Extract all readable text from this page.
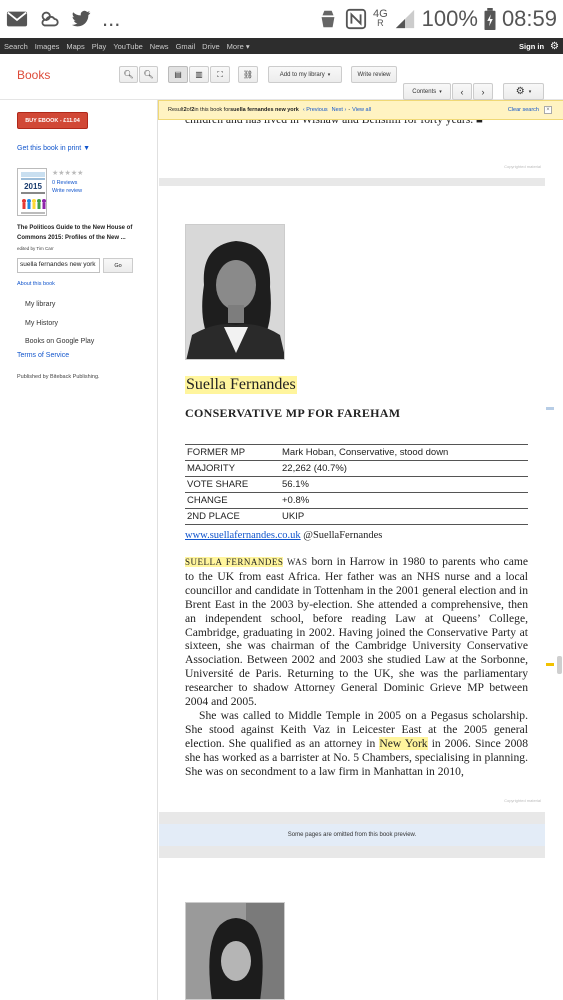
...	4G
R 100% 08:59
Search Images Maps Play YouTube News Gmail Drive More ▾	Sign in ⚙
Books	🔍︎ 🔍︎	▤ ▥ ⛶	⛓	Add to my library ▾	Write review
Contents ▾ ‹ ›	⚙ ▾
BUY EBOOK - £11.04
Get this book in print ▼
2015
★★★★★
0 Reviews
Write review
The Politicos Guide to the New House of Commons 2015: Profiles of the New ...
edited by Tim Carr
suella fernandes new york	Go
About this book
My library
My History
Books on Google Play
Terms of Service
Published by Biteback Publishing.
Copyrighted material
Result 2 of 2 in this book for suella fernandes new york ‹ Previous Next › - View all	Clear search	×
Suella Fernandes
CONSERVATIVE MP FOR FAREHAM
FORMER MP	Mark Hoban, Conservative, stood down
MAJORITY	22,262 (40.7%)
VOTE SHARE	56.1%
CHANGE	+0.8%
2ND PLACE	UKIP
www.suellafernandes.co.uk @SuellaFernandes

SUELLA FERNANDES WAS born in Harrow in 1980 to parents who came to the UK from east Africa. Her father was an NHS nurse and a local councillor and candidate in Tottenham in the 2001 general election and in Brent East in the 2003 by-election. She attended a comprehensive, then an independent school, before reading Law at Queens’ College, Cambridge, graduating in 2002. Having joined the Conservative Party at sixteen, she was chairman of the Cambridge University Conservative Association. Between 2002 and 2003 she studied Law at the Sorbonne, Université de Paris. Returning to the UK, she was the parliamentary researcher to shadow Attorney General Dominic Grieve MP between 2004 and 2005.

She was called to Middle Temple in 2005 on a Pegasus scholarship. She stood against Keith Vaz in Leicester East at the 2005 general election. She qualified as an attorney in New York in 2006. Since 2008 she has worked as a barrister at No. 5 Chambers, specialising in planning. She was on secondment to a law firm in Manhattan in 2010,

Copyrighted material
Some pages are omitted from this book preview.
